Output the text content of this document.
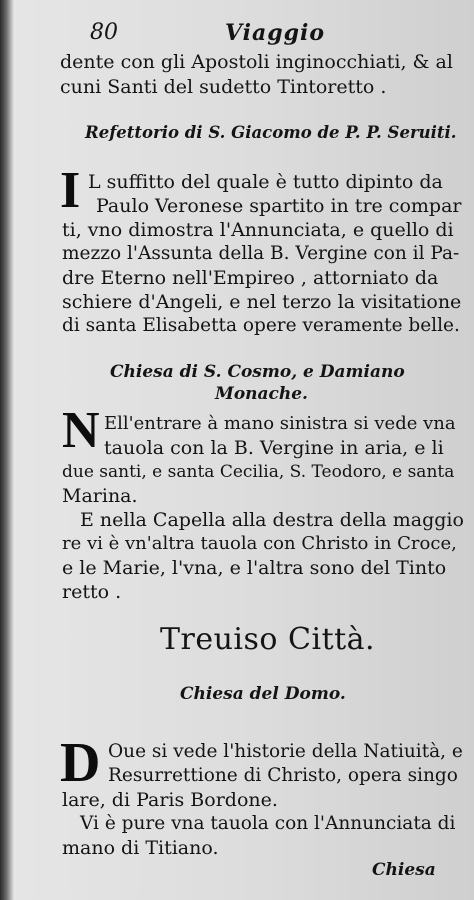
80	Viaggio
dente con gli Apostoli inginocchiati, & al
cuni Santi del sudetto Tintoretto .
Refettorio di S. Giacomo de P. P. Seruiti.
I L suffitto del quale è tutto dipinto da
Paulo Veronese spartito in tre compar
ti, vno dimostra l'Annunciata, e quello di
mezzo l'Assunta della B. Vergine con il Pa-
dre Eterno nell'Empireo , attorniato da
schiere d'Angeli, e nel terzo la visitatione
di santa Elisabetta opere veramente belle.
Chiesa di S. Cosmo, e Damiano
Monache.
N Ell'entrare à mano sinistra si vede vna
tauola con la B. Vergine in aria, e li
due santi, e santa Cecilia, S. Teodoro, e santa
Marina.
E nella Capella alla destra della maggio
re vi è vn'altra tauola con Christo in Croce,
e le Marie, l'vna, e l'altra sono del Tinto
retto .
Treuiso Città.
Chiesa del Domo.
D Oue si vede l'historie della Natiuità, e
Resurrettione di Christo, opera singo
lare, di Paris Bordone.
Vi è pure vna tauola con l'Annunciata di
mano di Titiano.
Chiesa
